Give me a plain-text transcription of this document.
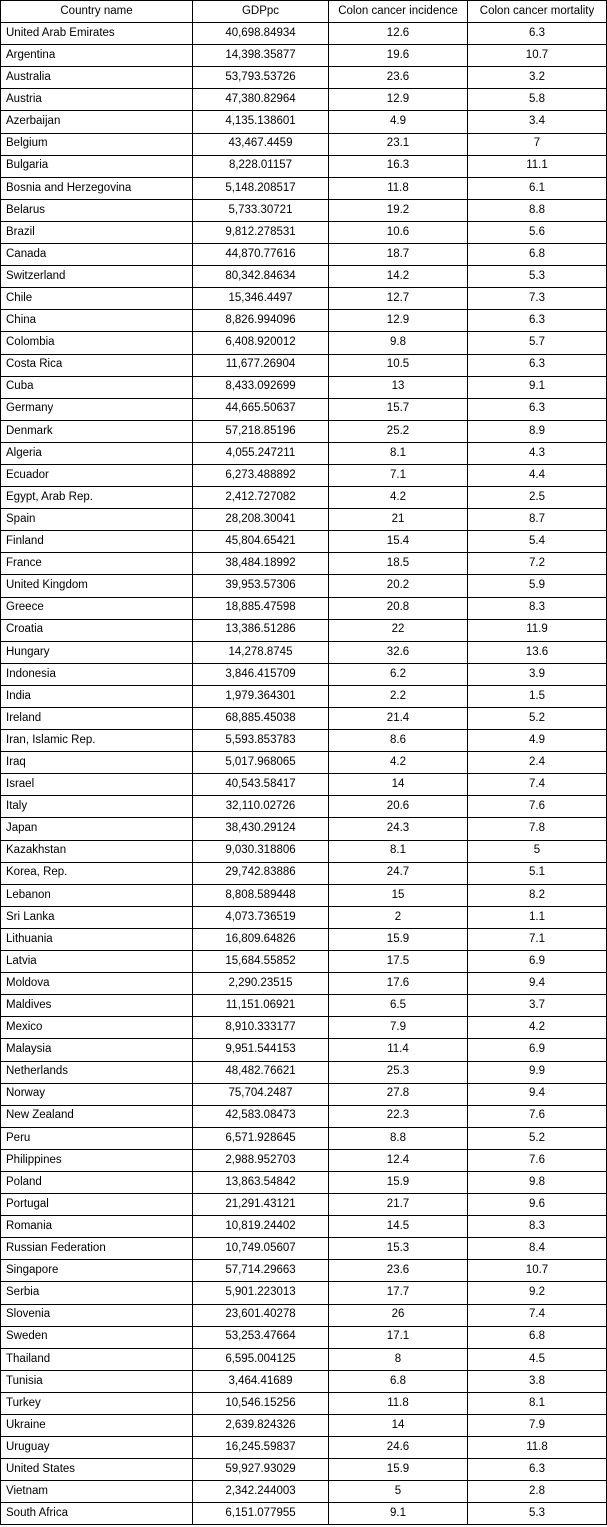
Country name	GDPpc	Colon cancer incidence	Colon cancer mortality
United Arab Emirates	40,698.84934	12.6	6.3
Argentina	14,398.35877	19.6	10.7
Australia	53,793.53726	23.6	3.2
Austria	47,380.82964	12.9	5.8
Azerbaijan	4,135.138601	4.9	3.4
Belgium	43,467.4459	23.1	7
Bulgaria	8,228.01157	16.3	11.1
Bosnia and Herzegovina	5,148.208517	11.8	6.1
Belarus	5,733.30721	19.2	8.8
Brazil	9,812.278531	10.6	5.6
Canada	44,870.77616	18.7	6.8
Switzerland	80,342.84634	14.2	5.3
Chile	15,346.4497	12.7	7.3
China	8,826.994096	12.9	6.3
Colombia	6,408.920012	9.8	5.7
Costa Rica	11,677.26904	10.5	6.3
Cuba	8,433.092699	13	9.1
Germany	44,665.50637	15.7	6.3
Denmark	57,218.85196	25.2	8.9
Algeria	4,055.247211	8.1	4.3
Ecuador	6,273.488892	7.1	4.4
Egypt, Arab Rep.	2,412.727082	4.2	2.5
Spain	28,208.30041	21	8.7
Finland	45,804.65421	15.4	5.4
France	38,484.18992	18.5	7.2
United Kingdom	39,953.57306	20.2	5.9
Greece	18,885.47598	20.8	8.3
Croatia	13,386.51286	22	11.9
Hungary	14,278.8745	32.6	13.6
Indonesia	3,846.415709	6.2	3.9
India	1,979.364301	2.2	1.5
Ireland	68,885.45038	21.4	5.2
Iran, Islamic Rep.	5,593.853783	8.6	4.9
Iraq	5,017.968065	4.2	2.4
Israel	40,543.58417	14	7.4
Italy	32,110.02726	20.6	7.6
Japan	38,430.29124	24.3	7.8
Kazakhstan	9,030.318806	8.1	5
Korea, Rep.	29,742.83886	24.7	5.1
Lebanon	8,808.589448	15	8.2
Sri Lanka	4,073.736519	2	1.1
Lithuania	16,809.64826	15.9	7.1
Latvia	15,684.55852	17.5	6.9
Moldova	2,290.23515	17.6	9.4
Maldives	11,151.06921	6.5	3.7
Mexico	8,910.333177	7.9	4.2
Malaysia	9,951.544153	11.4	6.9
Netherlands	48,482.76621	25.3	9.9
Norway	75,704.2487	27.8	9.4
New Zealand	42,583.08473	22.3	7.6
Peru	6,571.928645	8.8	5.2
Philippines	2,988.952703	12.4	7.6
Poland	13,863.54842	15.9	9.8
Portugal	21,291.43121	21.7	9.6
Romania	10,819.24402	14.5	8.3
Russian Federation	10,749.05607	15.3	8.4
Singapore	57,714.29663	23.6	10.7
Serbia	5,901.223013	17.7	9.2
Slovenia	23,601.40278	26	7.4
Sweden	53,253.47664	17.1	6.8
Thailand	6,595.004125	8	4.5
Tunisia	3,464.41689	6.8	3.8
Turkey	10,546.15256	11.8	8.1
Ukraine	2,639.824326	14	7.9
Uruguay	16,245.59837	24.6	11.8
United States	59,927.93029	15.9	6.3
Vietnam	2,342.244003	5	2.8
South Africa	6,151.077955	9.1	5.3
